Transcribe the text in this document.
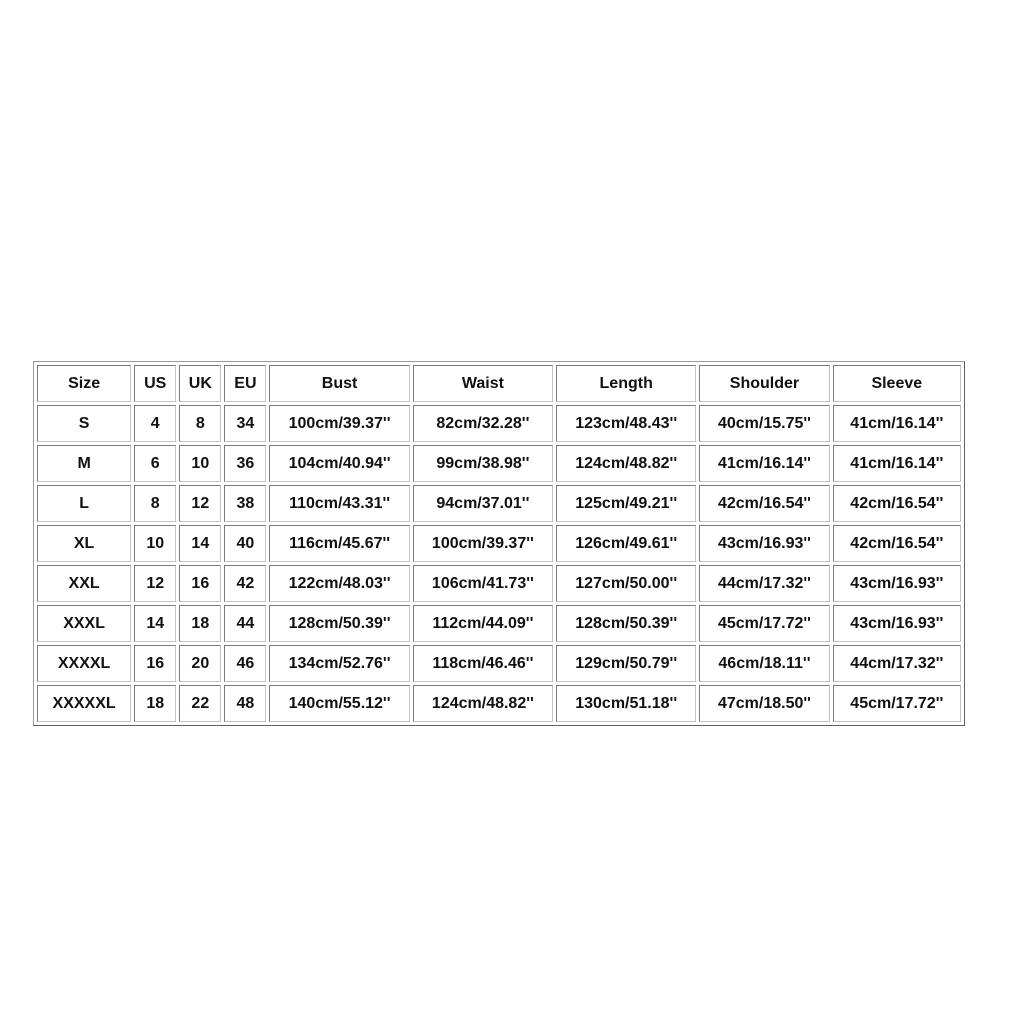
Size	US	UK	EU	Bust	Waist	Length	Shoulder	Sleeve
S	4	8	34	100cm/39.37''	82cm/32.28''	123cm/48.43''	40cm/15.75''	41cm/16.14''
M	6	10	36	104cm/40.94''	99cm/38.98''	124cm/48.82''	41cm/16.14''	41cm/16.14''
L	8	12	38	110cm/43.31''	94cm/37.01''	125cm/49.21''	42cm/16.54''	42cm/16.54''
XL	10	14	40	116cm/45.67''	100cm/39.37''	126cm/49.61''	43cm/16.93''	42cm/16.54''
XXL	12	16	42	122cm/48.03''	106cm/41.73''	127cm/50.00''	44cm/17.32''	43cm/16.93''
XXXL	14	18	44	128cm/50.39''	112cm/44.09''	128cm/50.39''	45cm/17.72''	43cm/16.93''
XXXXL	16	20	46	134cm/52.76''	118cm/46.46''	129cm/50.79''	46cm/18.11''	44cm/17.32''
XXXXXL	18	22	48	140cm/55.12''	124cm/48.82''	130cm/51.18''	47cm/18.50''	45cm/17.72''
